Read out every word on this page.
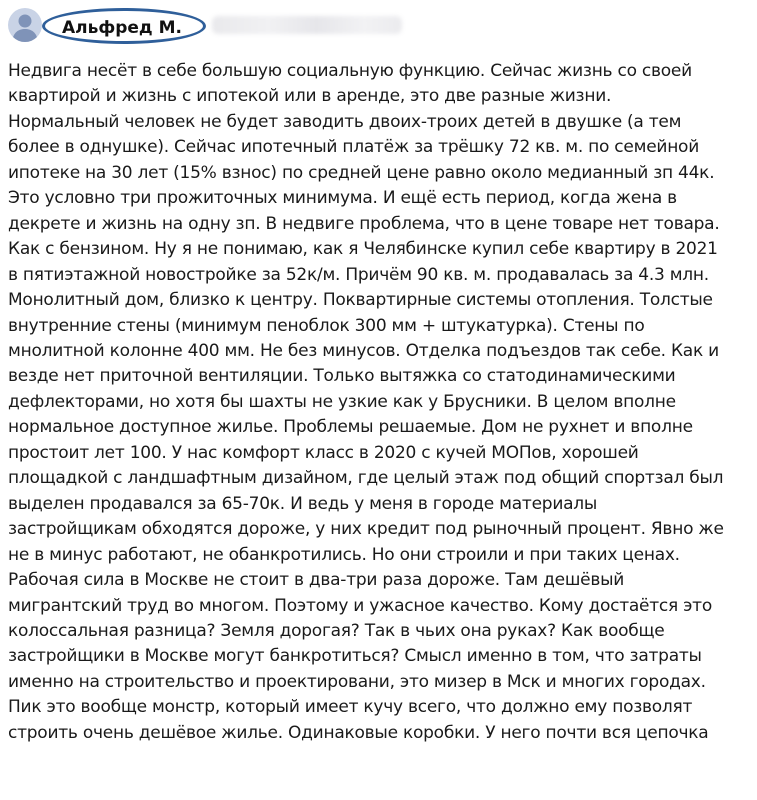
Альфред М.
Недвига несёт в себе большую социальную функцию. Сейчас жизнь со своей
квартирой и жизнь с ипотекой или в аренде, это две разные жизни.
Нормальный человек не будет заводить двоих-троих детей в двушке (а тем
более в однушке). Сейчас ипотечный платёж за трёшку 72 кв. м. по семейной
ипотеке на 30 лет (15% взнос) по средней цене равно около медианный зп 44к.
Это условно три прожиточных минимума. И ещё есть период, когда жена в
декрете и жизнь на одну зп. В недвиге проблема, что в цене товаре нет товара.
Как с бензином. Ну я не понимаю, как я Челябинске купил себе квартиру в 2021
в пятиэтажной новостройке за 52к/м. Причём 90 кв. м. продавалась за 4.3 млн.
Монолитный дом, близко к центру. Поквартирные системы отопления. Толстые
внутренние стены (минимум пеноблок 300 мм + штукатурка). Стены по
мнолитной колонне 400 мм. Не без минусов. Отделка подъездов так себе. Как и
везде нет приточной вентиляции. Только вытяжка со статодинамическими
дефлекторами, но хотя бы шахты не узкие как у Брусники. В целом вполне
нормальное доступное жилье. Проблемы решаемые. Дом не рухнет и вполне
простоит лет 100. У нас комфорт класс в 2020 с кучей МОПов, хорошей
площадкой с ландшафтным дизайном, где целый этаж под общий спортзал был
выделен продавался за 65-70к. И ведь у меня в городе материалы
застройщикам обходятся дороже, у них кредит под рыночный процент. Явно же
не в минус работают, не обанкротились. Но они строили и при таких ценах.
Рабочая сила в Москве не стоит в два-три раза дороже. Там дешёвый
мигрантский труд во многом. Поэтому и ужасное качество. Кому достаётся это
колоссальная разница? Земля дорогая? Так в чьих она руках? Как вообще
застройщики в Москве могут банкротиться? Смысл именно в том, что затраты
именно на строительство и проектировани, это мизер в Мск и многих городах.
Пик это вообще монстр, который имеет кучу всего, что должно ему позволят
строить очень дешёвое жилье. Одинаковые коробки. У него почти вся цепочка
